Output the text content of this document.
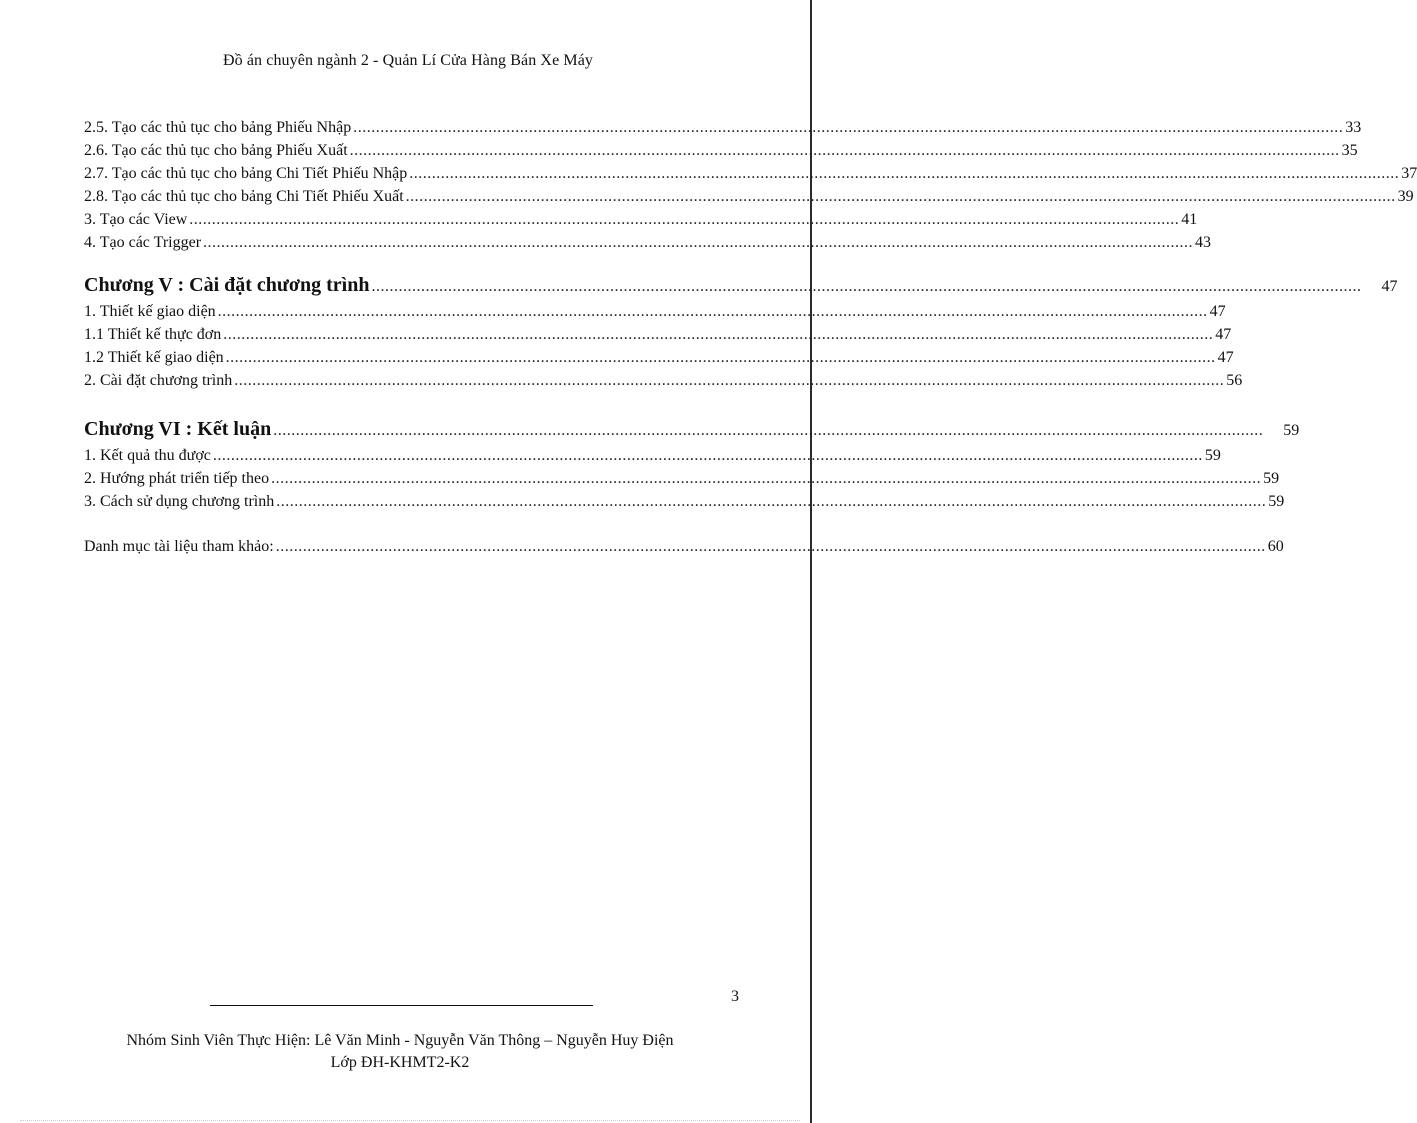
Đồ án chuyên ngành 2 - Quản Lí Cửa Hàng Bán Xe Máy
2.5. Tạo các thủ tục cho bảng Phiếu Nhập ............................................................................................................................................................................................................................ 33
2.6. Tạo các thủ tục cho bảng Phiếu Xuất ............................................................................................................................................................................................................................ 35
2.7. Tạo các thủ tục cho bảng Chi Tiết Phiếu Nhập ............................................................................................................................................................................................................................ 37
2.8. Tạo các thủ tục cho bảng Chi Tiết Phiếu Xuất ............................................................................................................................................................................................................................ 39
3. Tạo các View ............................................................................................................................................................................................................................ 41
4. Tạo các Trigger ............................................................................................................................................................................................................................ 43
Chương V : Cài đặt chương trình ............................................................................................................................................................................................................................	47
1. Thiết kế giao diện ............................................................................................................................................................................................................................ 47
1.1 Thiết kế thực đơn ............................................................................................................................................................................................................................ 47
1.2 Thiết kế giao diện ............................................................................................................................................................................................................................ 47
2. Cài đặt chương trình ............................................................................................................................................................................................................................ 56
Chương VI : Kết luận ............................................................................................................................................................................................................................	59
1. Kết quả thu được ............................................................................................................................................................................................................................ 59
2. Hướng phát triển tiếp theo ............................................................................................................................................................................................................................ 59
3. Cách sử dụng chương trình ............................................................................................................................................................................................................................ 59
Danh mục tài liệu tham khảo: ............................................................................................................................................................................................................................ 60
3
Nhóm Sinh Viên Thực Hiện: Lê Văn Minh - Nguyễn Văn Thông – Nguyễn Huy Điện
Lớp ĐH-KHMT2-K2
